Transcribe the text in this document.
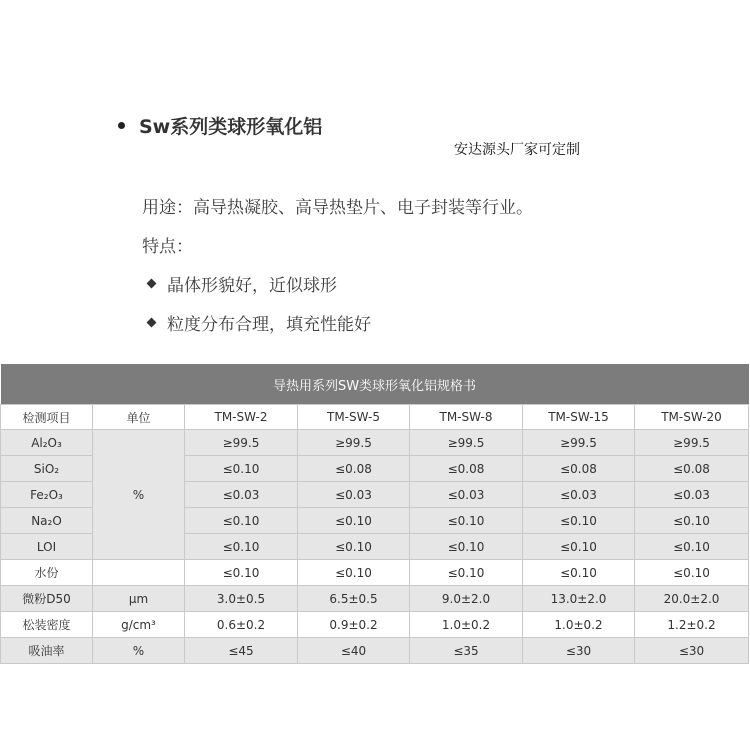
Sw系列类球形氧化铝
安达源头厂家可定制
用途：高导热凝胶、高导热垫片、电子封装等行业。
特点：
晶体形貌好，近似球形
粒度分布合理，填充性能好
导热用系列SW类球形氧化铝规格书						
检测项目	单位	TM-SW-2	TM-SW-5	TM-SW-8	TM-SW-15	TM-SW-20
Al₂O₃	%	≥99.5	≥99.5	≥99.5	≥99.5	≥99.5
SiO₂		≤0.10	≤0.08	≤0.08	≤0.08	≤0.08
Fe₂O₃		≤0.03	≤0.03	≤0.03	≤0.03	≤0.03
Na₂O		≤0.10	≤0.10	≤0.10	≤0.10	≤0.10
LOI		≤0.10	≤0.10	≤0.10	≤0.10	≤0.10
水份		≤0.10	≤0.10	≤0.10	≤0.10	≤0.10
微粉D50	μm	3.0±0.5	6.5±0.5	9.0±2.0	13.0±2.0	20.0±2.0
松装密度	g/cm³	0.6±0.2	0.9±0.2	1.0±0.2	1.0±0.2	1.2±0.2
吸油率	%	≤45	≤40	≤35	≤30	≤30
